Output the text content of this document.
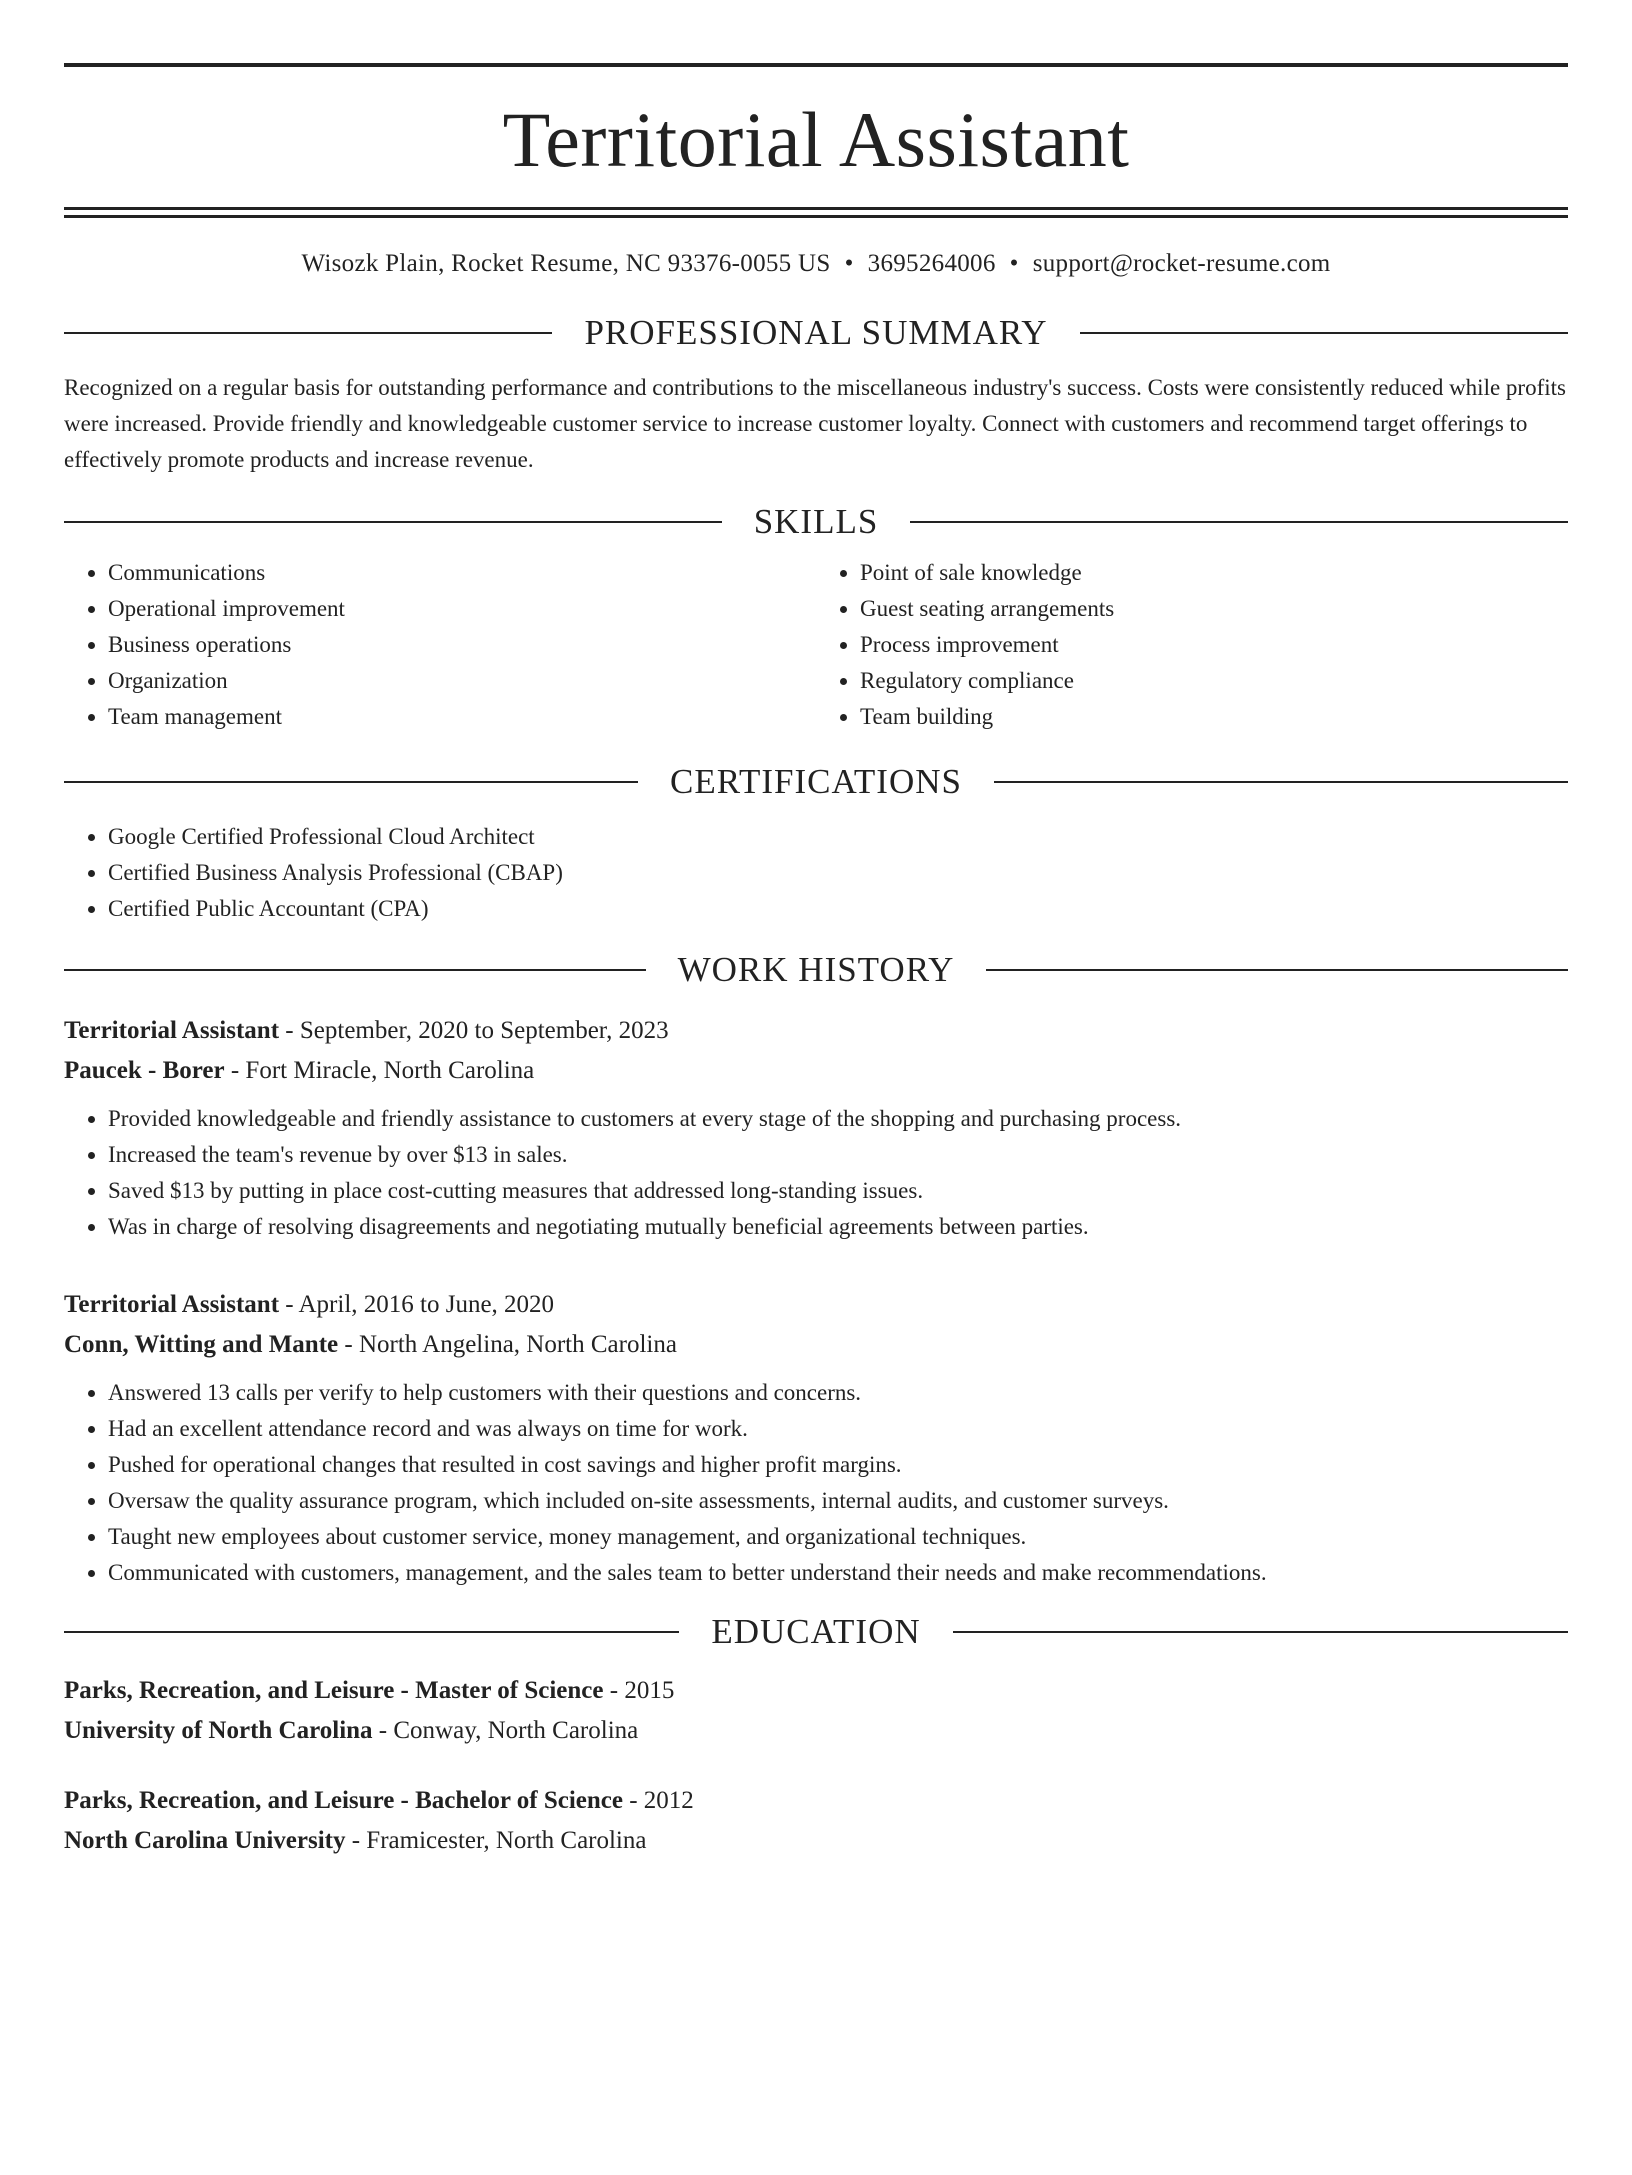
Territorial Assistant
Wisozk Plain, Rocket Resume, NC 93376-0055 US • 3695264006 • support@rocket-resume.com
PROFESSIONAL SUMMARY

Recognized on a regular basis for outstanding performance and contributions to the miscellaneous industry's success. Costs were consistently reduced while profits were increased. Provide friendly and knowledgeable customer service to increase customer loyalty. Connect with customers and recommend target offerings to effectively promote products and increase revenue.

SKILLS
• Communications
• Operational improvement
• Business operations
• Organization
• Team management
• Point of sale knowledge
• Guest seating arrangements
• Process improvement
• Regulatory compliance
• Team building
CERTIFICATIONS
• Google Certified Professional Cloud Architect
• Certified Business Analysis Professional (CBAP)
• Certified Public Accountant (CPA)
WORK HISTORY
Territorial Assistant - September, 2020 to September, 2023
Paucek - Borer - Fort Miracle, North Carolina
• Provided knowledgeable and friendly assistance to customers at every stage of the shopping and purchasing process.
• Increased the team's revenue by over $13 in sales.
• Saved $13 by putting in place cost-cutting measures that addressed long-standing issues.
• Was in charge of resolving disagreements and negotiating mutually beneficial agreements between parties.
Territorial Assistant - April, 2016 to June, 2020
Conn, Witting and Mante - North Angelina, North Carolina
• Answered 13 calls per verify to help customers with their questions and concerns.
• Had an excellent attendance record and was always on time for work.
• Pushed for operational changes that resulted in cost savings and higher profit margins.
• Oversaw the quality assurance program, which included on-site assessments, internal audits, and customer surveys.
• Taught new employees about customer service, money management, and organizational techniques.
• Communicated with customers, management, and the sales team to better understand their needs and make recommendations.
EDUCATION
Parks, Recreation, and Leisure - Master of Science - 2015
University of North Carolina - Conway, North Carolina
Parks, Recreation, and Leisure - Bachelor of Science - 2012
North Carolina University - Framicester, North Carolina
